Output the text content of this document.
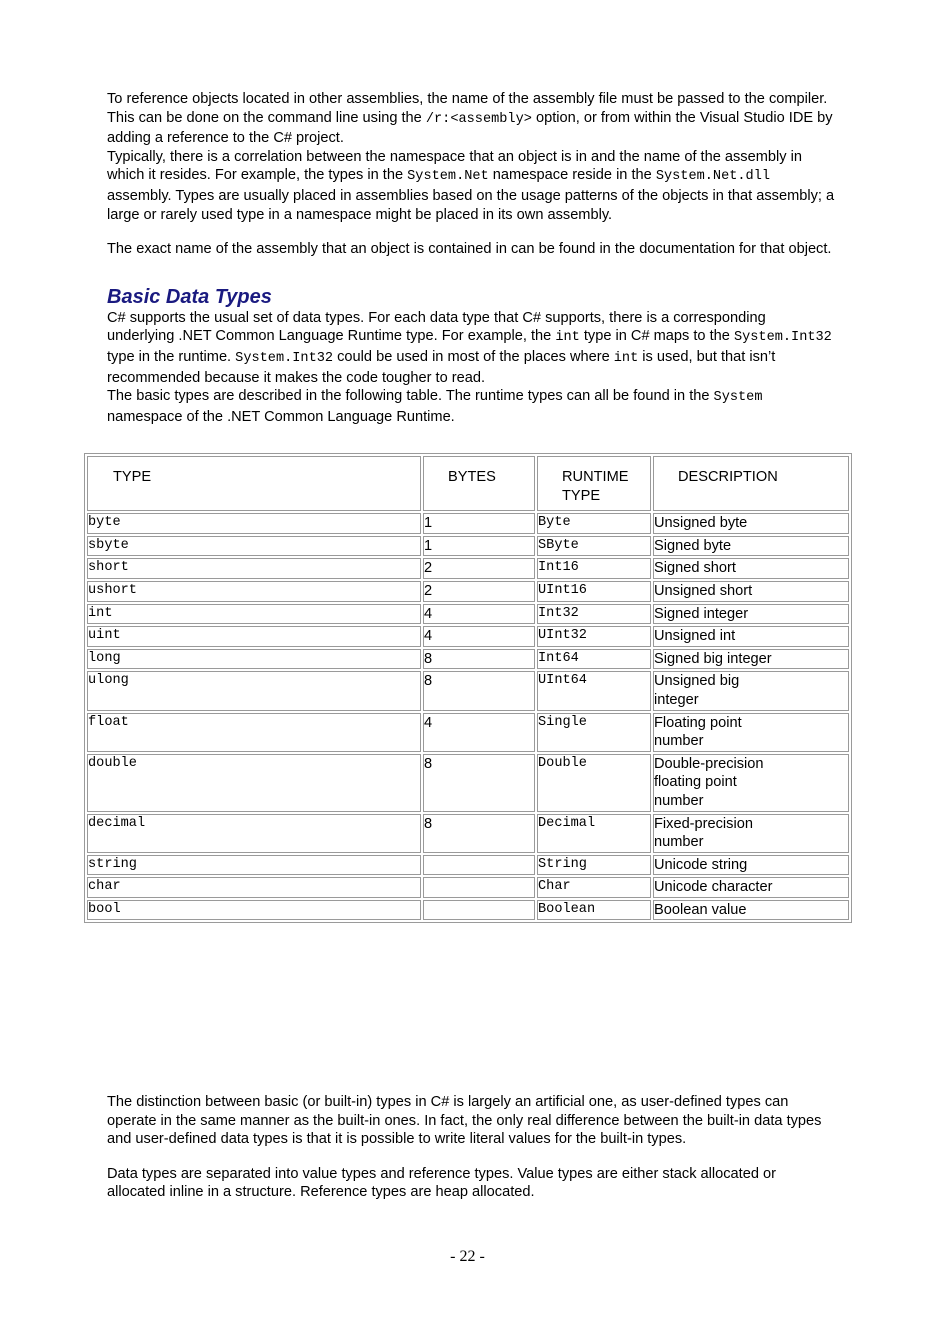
To reference objects located in other assemblies, the name of the assembly file must be passed to the compiler. This can be done on the command line using the /r:<assembly> option, or from within the Visual Studio IDE by adding a reference to the C# project.

Typically, there is a correlation between the namespace that an object is in and the name of the assembly in which it resides. For example, the types in the System.Net namespace reside in the System.Net.dll assembly. Types are usually placed in assemblies based on the usage patterns of the objects in that assembly; a large or rarely used type in a namespace might be placed in its own assembly.

The exact name of the assembly that an object is contained in can be found in the documentation for that object.

Basic Data Types

C# supports the usual set of data types. For each data type that C# supports, there is a corresponding underlying .NET Common Language Runtime type. For example, the int type in C# maps to the System.Int32 type in the runtime. System.Int32 could be used in most of the places where int is used, but that isn’t recommended because it makes the code tougher to read.

The basic types are described in the following table. The runtime types can all be found in the System namespace of the .NET Common Language Runtime.

TYPE	BYTES	RUNTIME TYPE	DESCRIPTION

byte	1	Byte	Unsigned byte

sbyte	1	SByte	Signed byte

short	2	Int16	Signed short

ushort	2	UInt16	Unsigned short

int	4	Int32	Signed integer

uint	4	UInt32	Unsigned int

long	8	Int64	Signed big integer

ulong	8	UInt64	Unsigned big integer

float	4	Single	Floating point number

double	8	Double	Double-precision floating point number

decimal	8	Decimal	Fixed-precision number

string		String	Unicode string

char		Char	Unicode character

bool		Boolean	Boolean value

The distinction between basic (or built-in) types in C# is largely an artificial one, as user-defined types can operate in the same manner as the built-in ones. In fact, the only real difference between the built-in data types and user-defined data types is that it is possible to write literal values for the built-in types.

Data types are separated into value types and reference types. Value types are either stack allocated or allocated inline in a structure. Reference types are heap allocated.

- 22 -
